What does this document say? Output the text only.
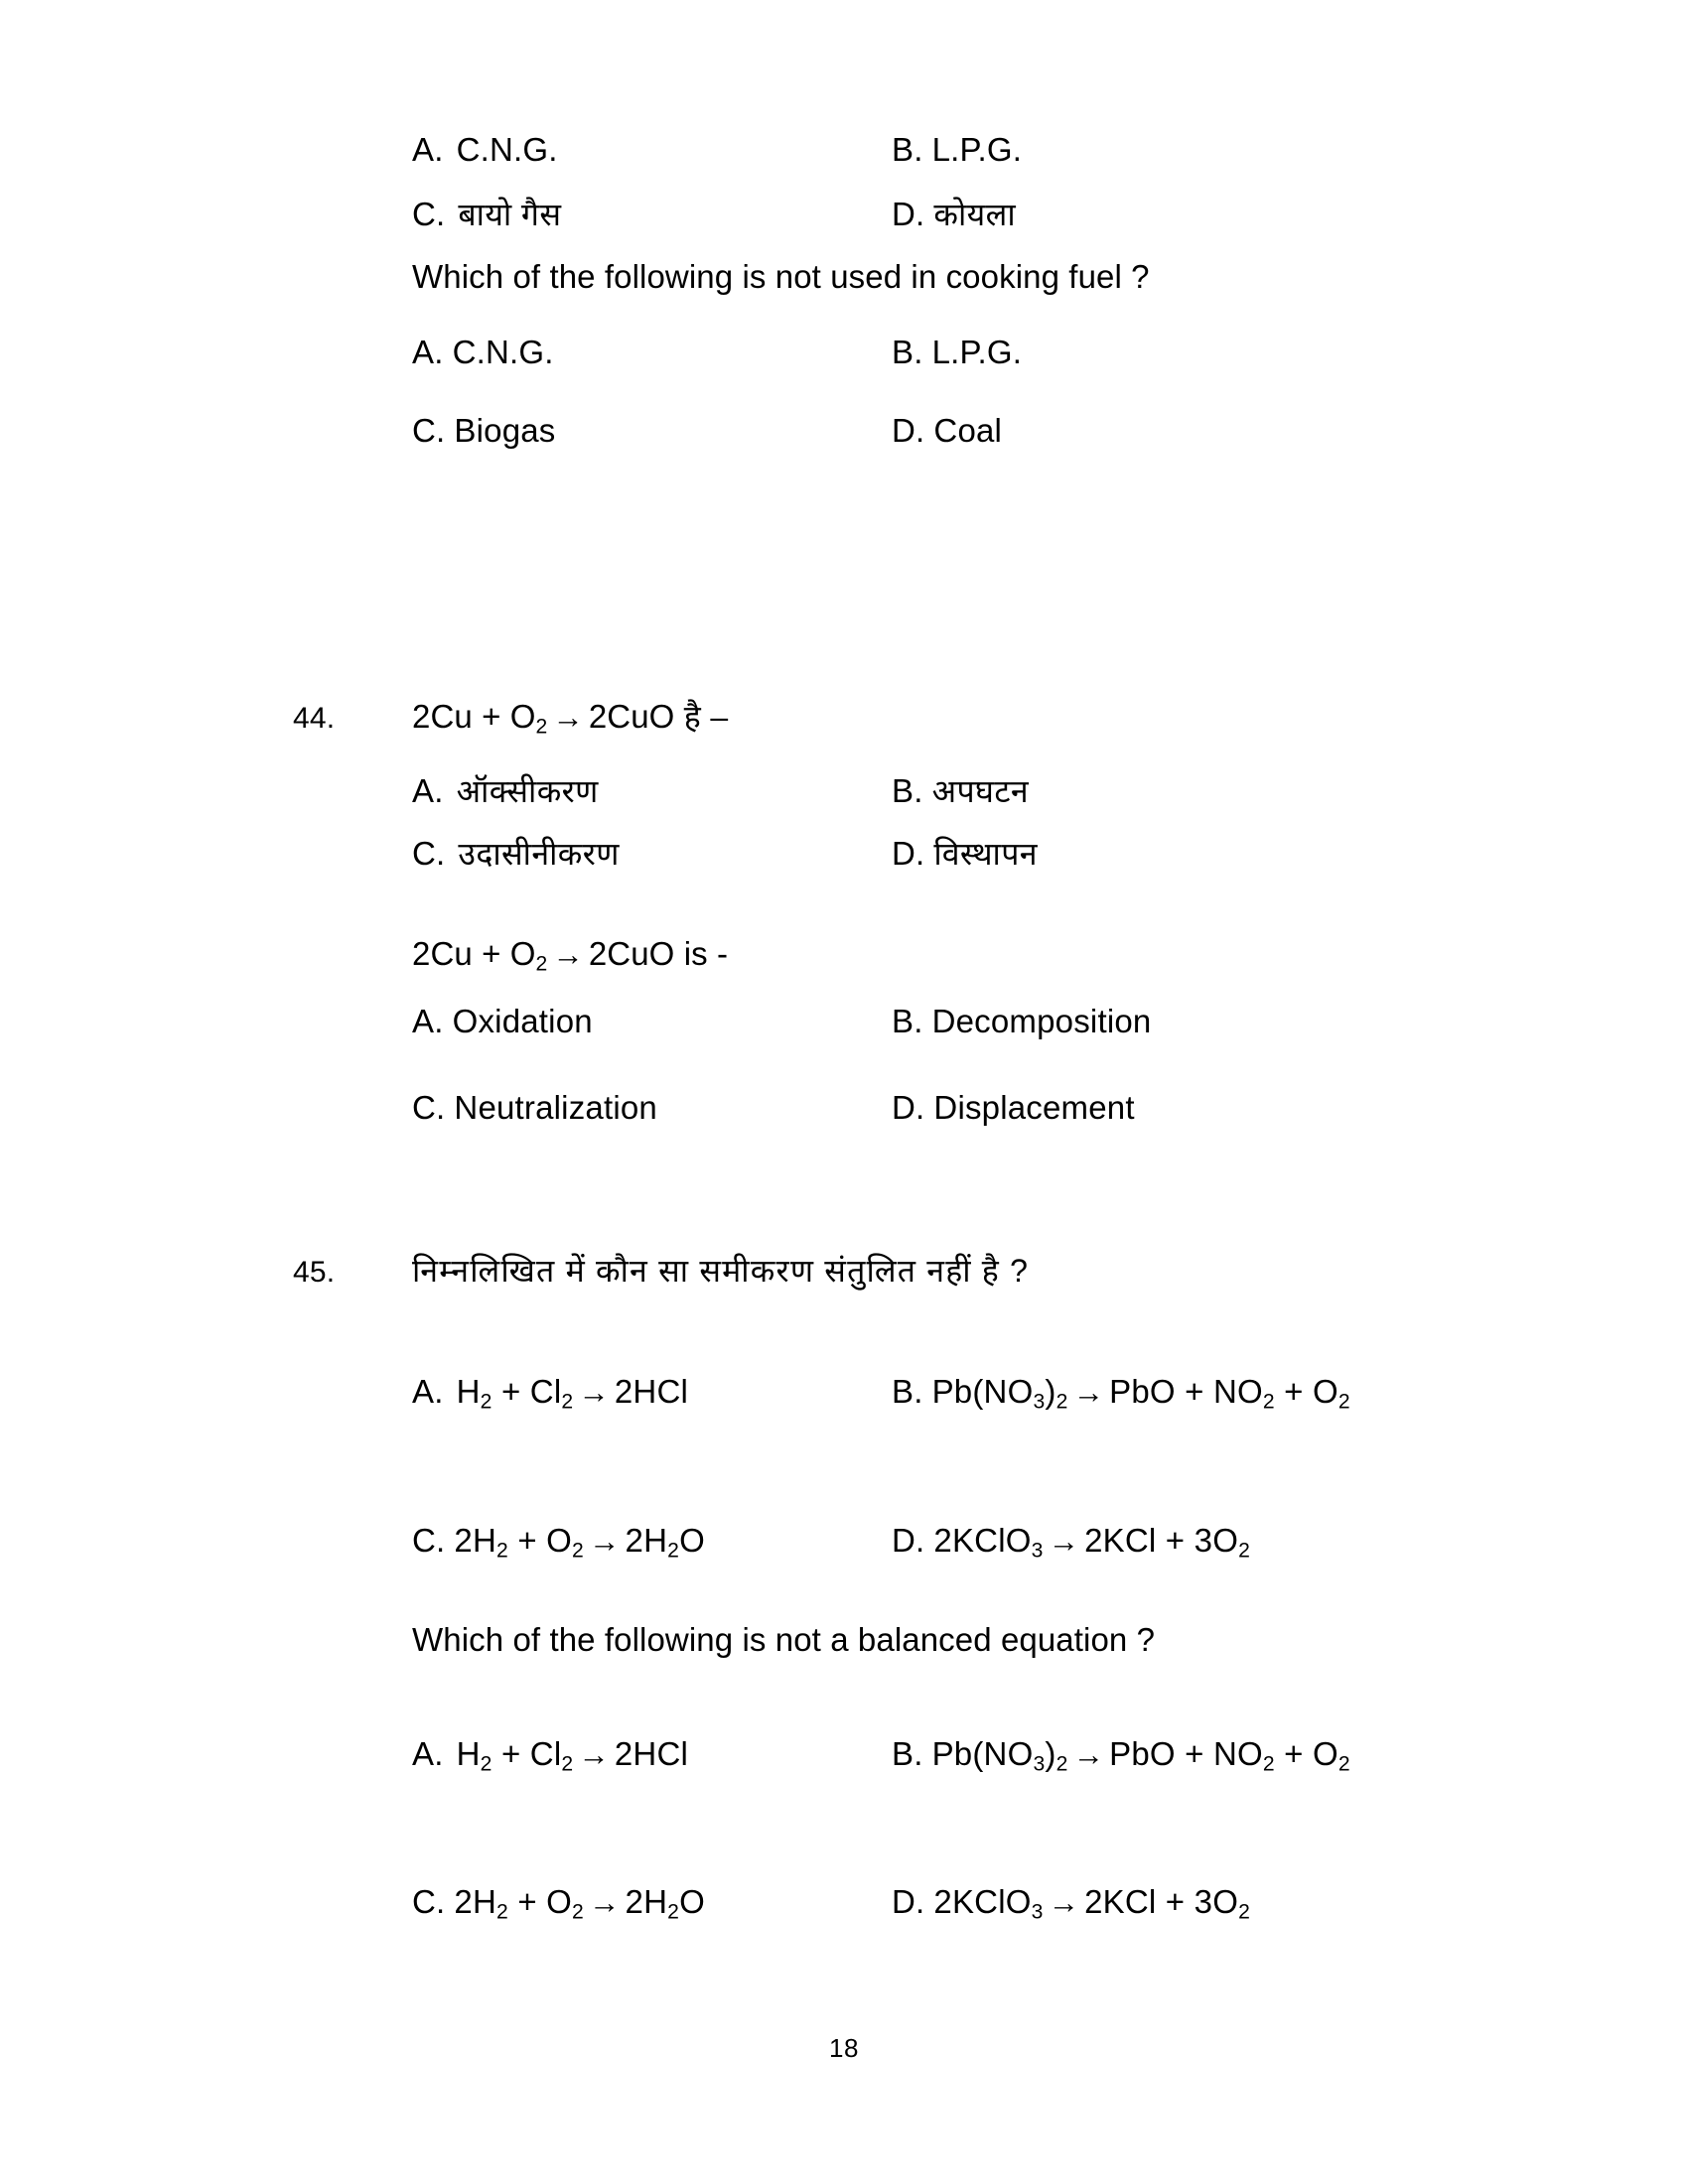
A. C.N.G.	B. L.P.G.
C. बायो गैस	D. कोयला
Which of the following is not used in cooking fuel ?
A. C.N.G.	B. L.P.G.
C. Biogas	D. Coal
44. $2Cu + O_2 \to 2CuO$ है –
A. ऑक्सीकरण	B. अपघटन
C. उदासीनीकरण	D. विस्थापन
$2Cu + O_2 \to 2CuO$ is -
A. Oxidation	B. Decomposition
C. Neutralization	D. Displacement
45. निम्नलिखित में कौन सा समीकरण संतुलित नहीं है ?
A. $H_2 + Cl_2 \to 2HCl$	B. $Pb(NO_3)_2$ → PbO + $NO_2 + O_2$
C. $2H_2 + O_2 \to 2H_2O$	D. 2KClO$_3$ → $2KCl + 3O_2$
Which of the following is not a balanced equation ?
A. $H_2 + Cl_2 \to 2HCl$	B. $Pb(NO_3)_2$ → PbO + $NO_2 + O_2$
C. $2H_2 + O_2 \to 2H_2O$	D. 2KClO$_3$ → $2KCl + 3O_2$
18
